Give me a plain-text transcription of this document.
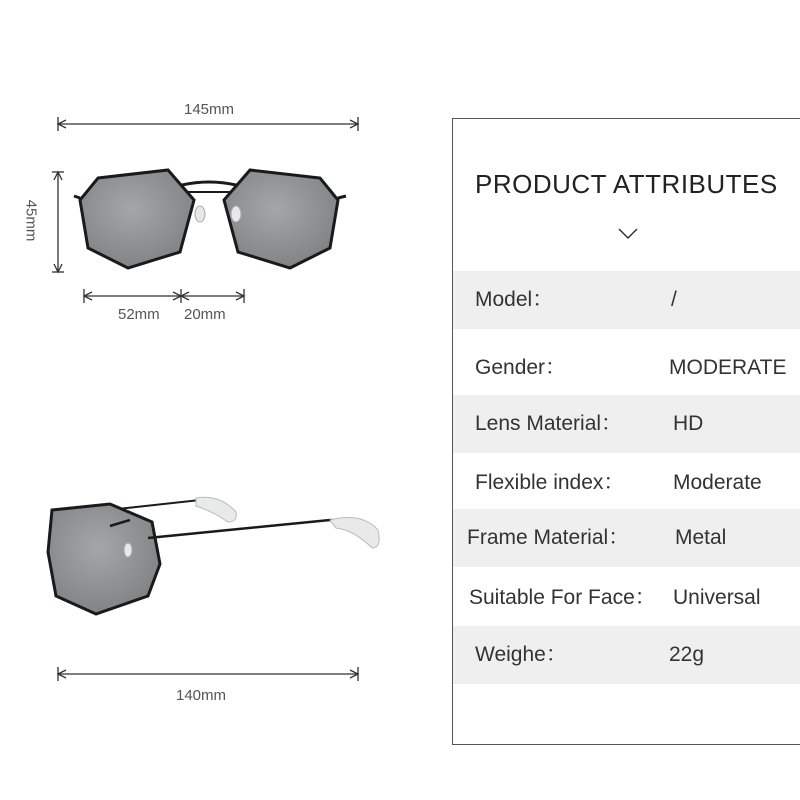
145mm
45mm
52mm 20mm
140mm
PRODUCT ATTRIBUTES
Model：	/
Gender：	MODERATE
Lens Material： HD
Flexible index： Moderate
Frame Material： Metal
Suitable For Face： Universal
Weighe：	22g
